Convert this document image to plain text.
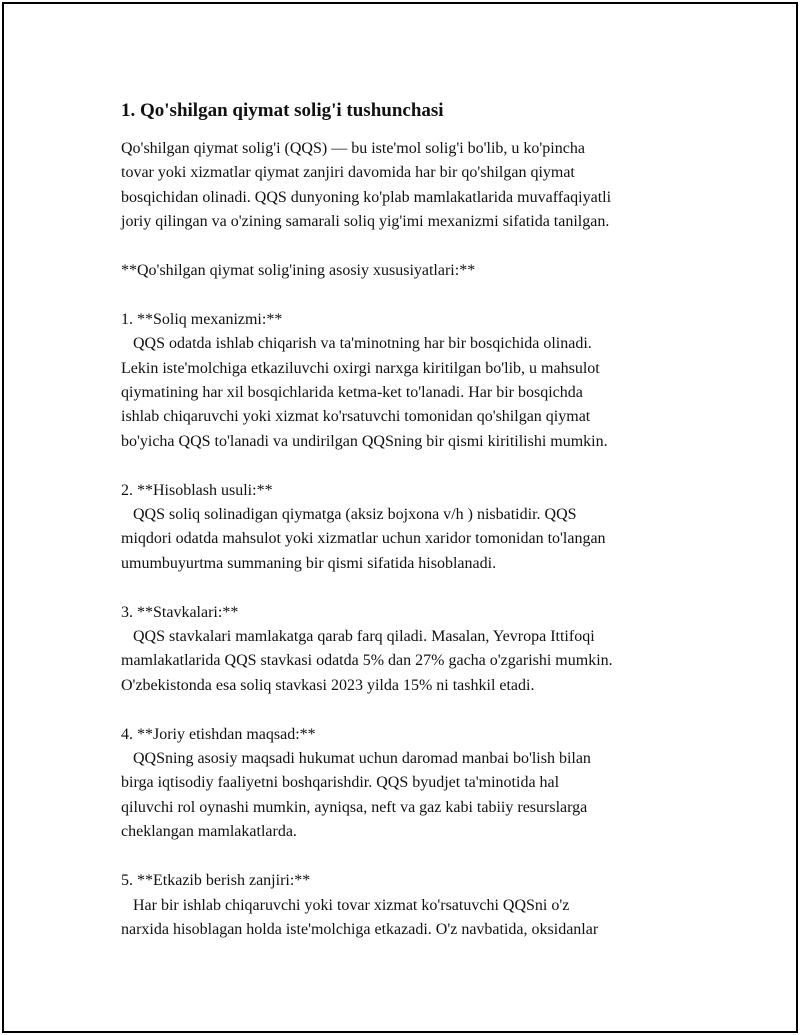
1. Qo'shilgan qiymat solig'i tushunchasi
Qo'shilgan qiymat solig'i (QQS) — bu iste'mol solig'i bo'lib, u ko'pincha
tovar yoki xizmatlar qiymat zanjiri davomida har bir qo'shilgan qiymat
bosqichidan olinadi. QQS dunyoning ko'plab mamlakatlarida muvaffaqiyatli
joriy qilingan va o'zining samarali soliq yig'imi mexanizmi sifatida tanilgan.
**Qo'shilgan qiymat solig'ining asosiy xususiyatlari:**
1. **Soliq mexanizmi:**
QQS odatda ishlab chiqarish va ta'minotning har bir bosqichida olinadi.
Lekin iste'molchiga etkaziluvchi oxirgi narxga kiritilgan bo'lib, u mahsulot
qiymatining har xil bosqichlarida ketma-ket to'lanadi. Har bir bosqichda
ishlab chiqaruvchi yoki xizmat ko'rsatuvchi tomonidan qo'shilgan qiymat
bo'yicha QQS to'lanadi va undirilgan QQSning bir qismi kiritilishi mumkin.
2. **Hisoblash usuli:**
QQS soliq solinadigan qiymatga (aksiz bojxona v/h ) nisbatidir. QQS
miqdori odatda mahsulot yoki xizmatlar uchun xaridor tomonidan to'langan
umumbuyurtma summaning bir qismi sifatida hisoblanadi.
3. **Stavkalari:**
QQS stavkalari mamlakatga qarab farq qiladi. Masalan, Yevropa Ittifoqi
mamlakatlarida QQS stavkasi odatda 5% dan 27% gacha o'zgarishi mumkin.
O'zbekistonda esa soliq stavkasi 2023 yilda 15% ni tashkil etadi.
4. **Joriy etishdan maqsad:**
QQSning asosiy maqsadi hukumat uchun daromad manbai bo'lish bilan
birga iqtisodiy faaliyetni boshqarishdir. QQS byudjet ta'minotida hal
qiluvchi rol oynashi mumkin, ayniqsa, neft va gaz kabi tabiiy resurslarga
cheklangan mamlakatlarda.
5. **Etkazib berish zanjiri:**
Har bir ishlab chiqaruvchi yoki tovar xizmat ko'rsatuvchi QQSni o'z
narxida hisoblagan holda iste'molchiga etkazadi. O'z navbatida, oksidanlar
